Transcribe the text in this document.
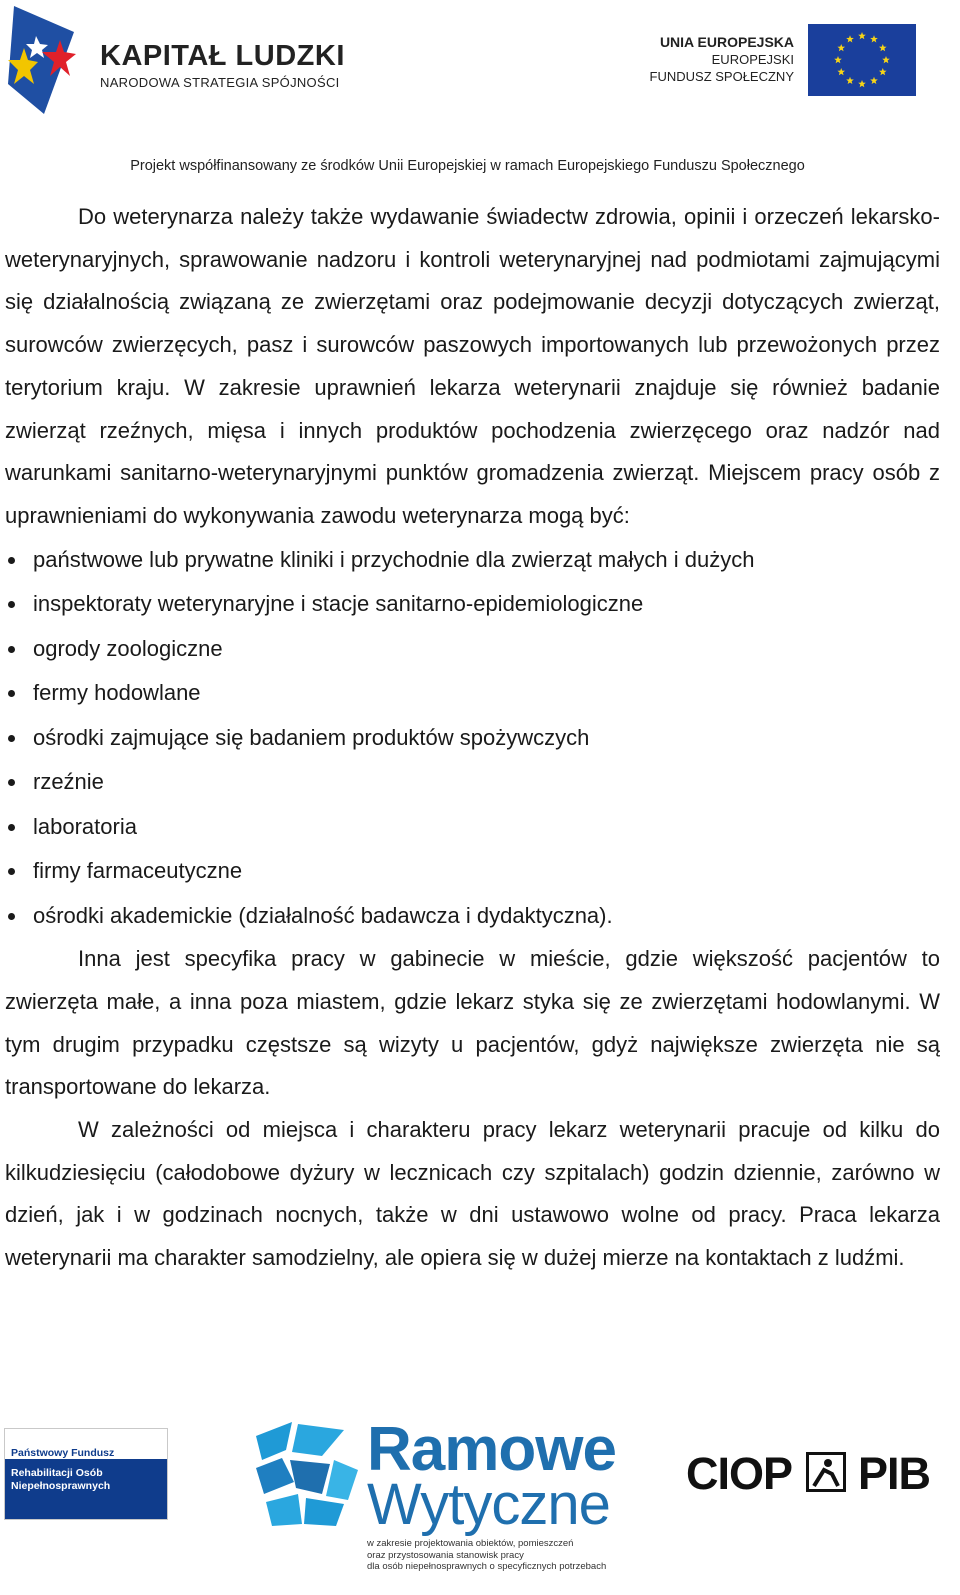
KAPITAŁ LUDZKI
NARODOWA STRATEGIA SPÓJNOŚCI
UNIA EUROPEJSKA
EUROPEJSKI
FUNDUSZ SPOŁECZNY
Projekt współfinansowany ze środków Unii Europejskiej w ramach Europejskiego Funduszu Społecznego

Do weterynarza należy także wydawanie świadectw zdrowia, opinii i orzeczeń lekarsko-weterynaryjnych, sprawowanie nadzoru i kontroli weterynaryjnej nad podmiotami zajmującymi się działalnością związaną ze zwierzętami oraz podejmowanie decyzji dotyczących zwierząt, surowców zwierzęcych, pasz i surowców paszowych importowanych lub przewożonych przez terytorium kraju. W zakresie uprawnień lekarza weterynarii znajduje się również badanie zwierząt rzeźnych, mięsa i innych produktów pochodzenia zwierzęcego oraz nadzór nad warunkami sanitarno-weterynaryjnymi punktów gromadzenia zwierząt. Miejscem pracy osób z uprawnieniami do wykonywania zawodu weterynarza mogą być:

państwowe lub prywatne kliniki i przychodnie dla zwierząt małych i dużych
inspektoraty weterynaryjne i stacje sanitarno-epidemiologiczne
ogrody zoologiczne
fermy hodowlane
ośrodki zajmujące się badaniem produktów spożywczych
rzeźnie
laboratoria
firmy farmaceutyczne
ośrodki akademickie (działalność badawcza i dydaktyczna).

Inna jest specyfika pracy w gabinecie w mieście, gdzie większość pacjentów to zwierzęta małe, a inna poza miastem, gdzie lekarz styka się ze zwierzętami hodowlanymi. W tym drugim przypadku częstsze są wizyty u pacjentów, gdyż największe zwierzęta nie są transportowane do lekarza.

W zależności od miejsca i charakteru pracy lekarz weterynarii pracuje od kilku do kilkudziesięciu (całodobowe dyżury w lecznicach czy szpitalach) godzin dziennie, zarówno w dzień, jak i w godzinach nocnych, także w dni ustawowo wolne od pracy. Praca lekarza weterynarii ma charakter samodzielny, ale opiera się w dużej mierze na kontaktach z ludźmi.

Państwowy Fundusz
Rehabilitacji Osób
Niepełnosprawnych
Ramowe
Wytyczne
w zakresie projektowania obiektów, pomieszczeń
oraz przystosowania stanowisk pracy
dla osób niepełnosprawnych o specyficznych potrzebach
CIOP PIB
